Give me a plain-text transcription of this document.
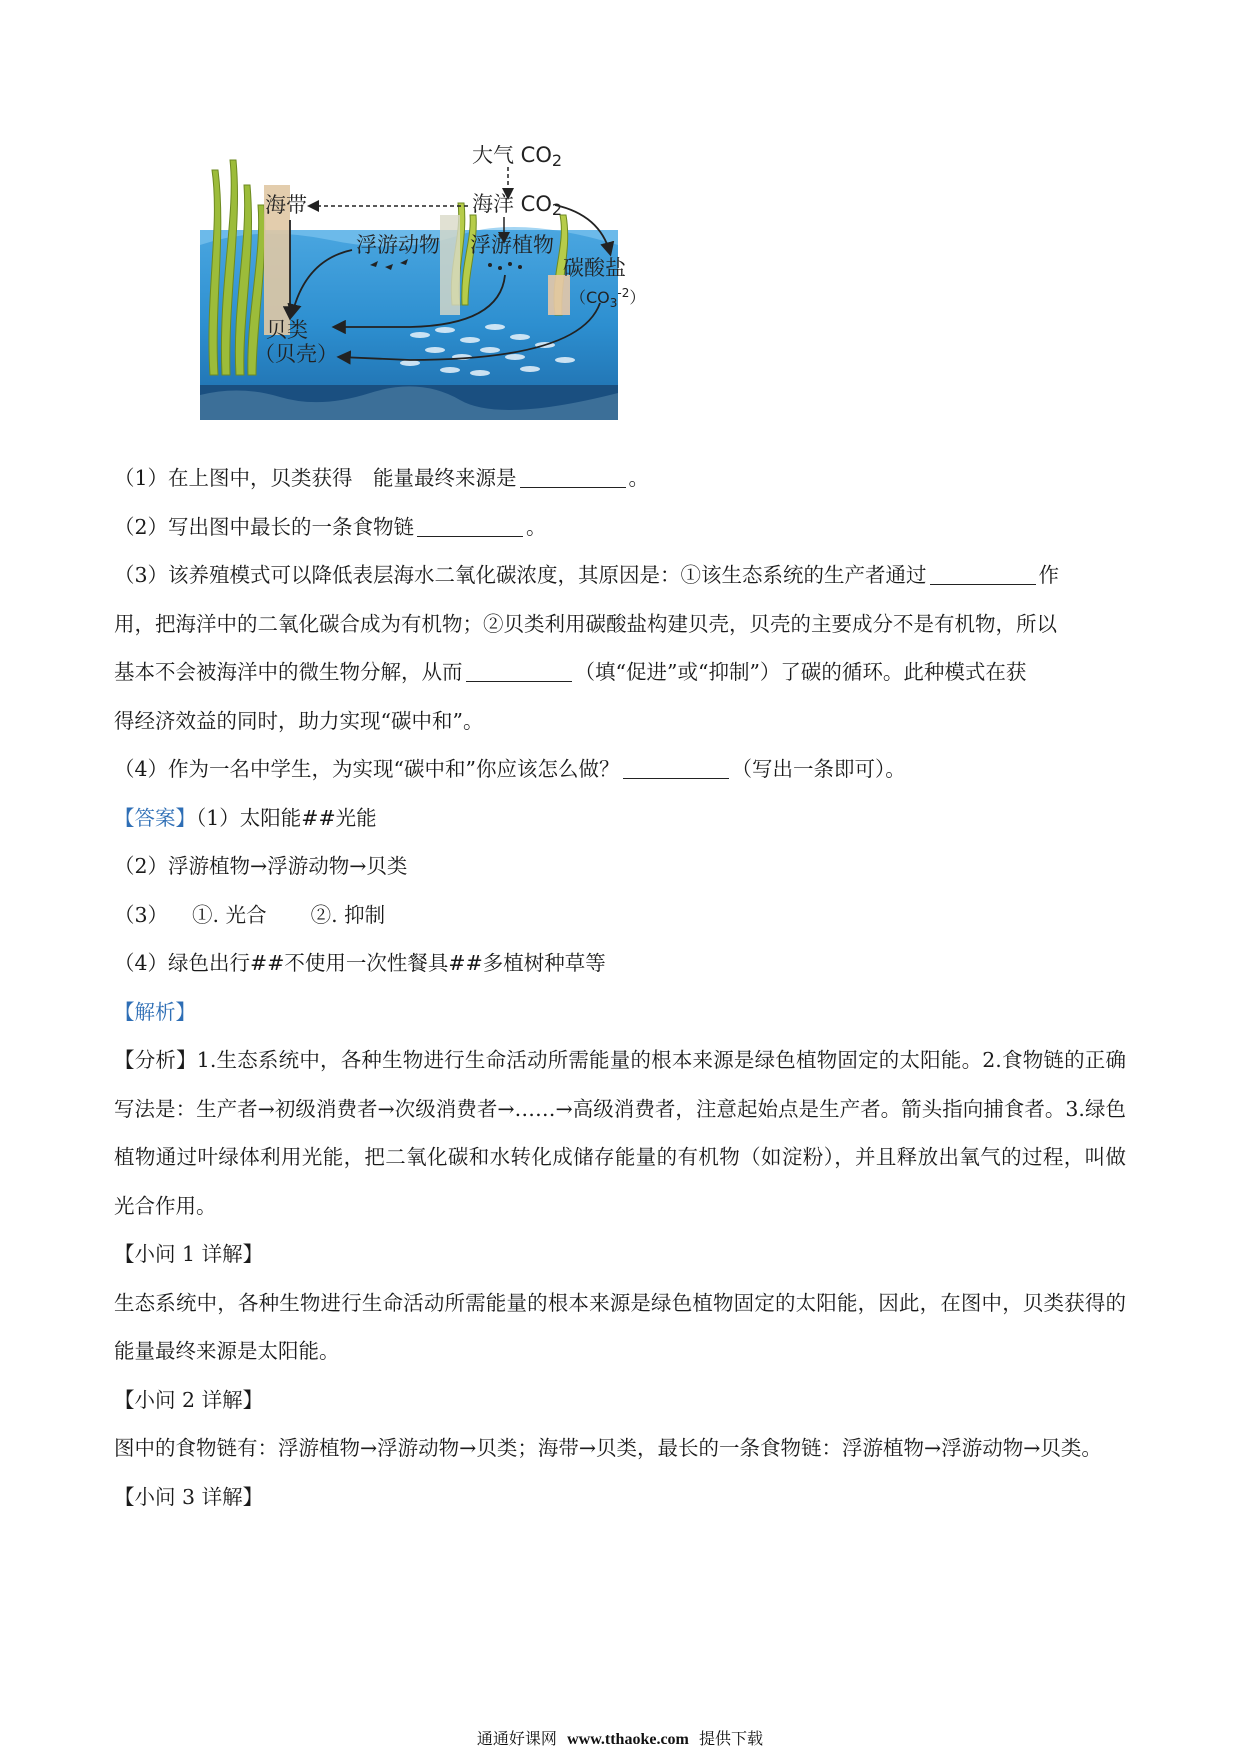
大气 CO2
海洋 CO2
海带
浮游动物 浮游植物
碳酸盐
$(CO_3^{-2})$
贝类
（贝壳）
（1）在上图中，贝类获得　能量最终来源是	。
（2）写出图中最长的一条食物链	。
（3）该养殖模式可以降低表层海水二氧化碳浓度，其原因是：①该生态系统的生产者通过	作
用，把海洋中的二氧化碳合成为有机物；②贝类利用碳酸盐构建贝壳，贝壳的主要成分不是有机物，所以
基本不会被海洋中的微生物分解，从而	（填“促进”或“抑制”）了碳的循环。此种模式在获
得经济效益的同时，助力实现“碳中和”。
（4）作为一名中学生，为实现“碳中和”你应该怎么做？	（写出一条即可）。
【答案】（1）太阳能##光能
（2）浮游植物→浮游动物→贝类
（3） ①. 光合 ②. 抑制
（4）绿色出行##不使用一次性餐具##多植树种草等
【解析】
【分析】1.生态系统中，各种生物进行生命活动所需能量的根本来源是绿色植物固定的太阳能。2.食物链的正确写法是：生产者→初级消费者→次级消费者→……→高级消费者，注意起始点是生产者。箭头指向捕食者。3.绿色植物通过叶绿体利用光能，把二氧化碳和水转化成储存能量的有机物（如淀粉），并且释放出氧气的过程，叫做光合作用。
【小问 1 详解】
生态系统中，各种生物进行生命活动所需能量的根本来源是绿色植物固定的太阳能，因此，在图中，贝类获得的能量最终来源是太阳能。
【小问 2 详解】
图中的食物链有：浮游植物→浮游动物→贝类；海带→贝类，最长的一条食物链：浮游植物→浮游动物→贝类。
【小问 3 详解】
通通好课网 www.tthaoke.com 提供下载
